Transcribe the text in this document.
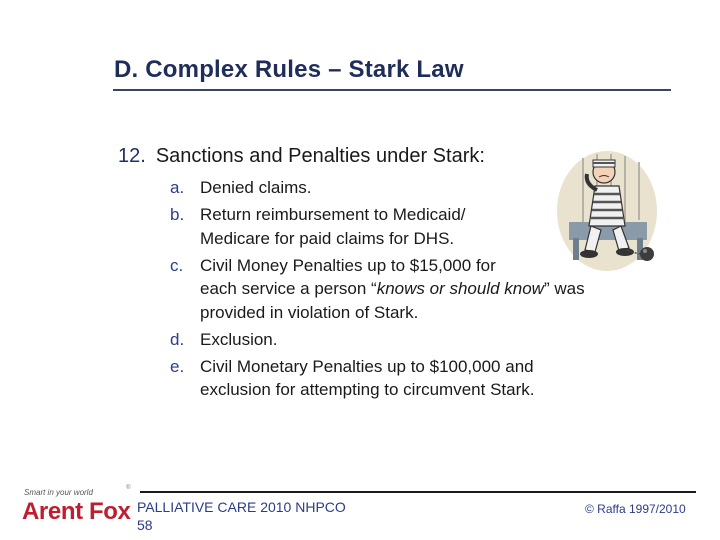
D. Complex Rules – Stark Law
12. Sanctions and Penalties under Stark:
a. Denied claims.
b. Return reimbursement to Medicaid/
Medicare for paid claims for DHS.
c. Civil Money Penalties up to $15,000 for
each service a person “knows or should know” was
provided in violation of Stark.
d. Exclusion.
e. Civil Monetary Penalties up to $100,000 and
exclusion for attempting to circumvent Stark.
PALLIATIVE CARE 2010 NHPCO
58
© Raffa 1997/2010
Smart in your world	®
Arent Fox
